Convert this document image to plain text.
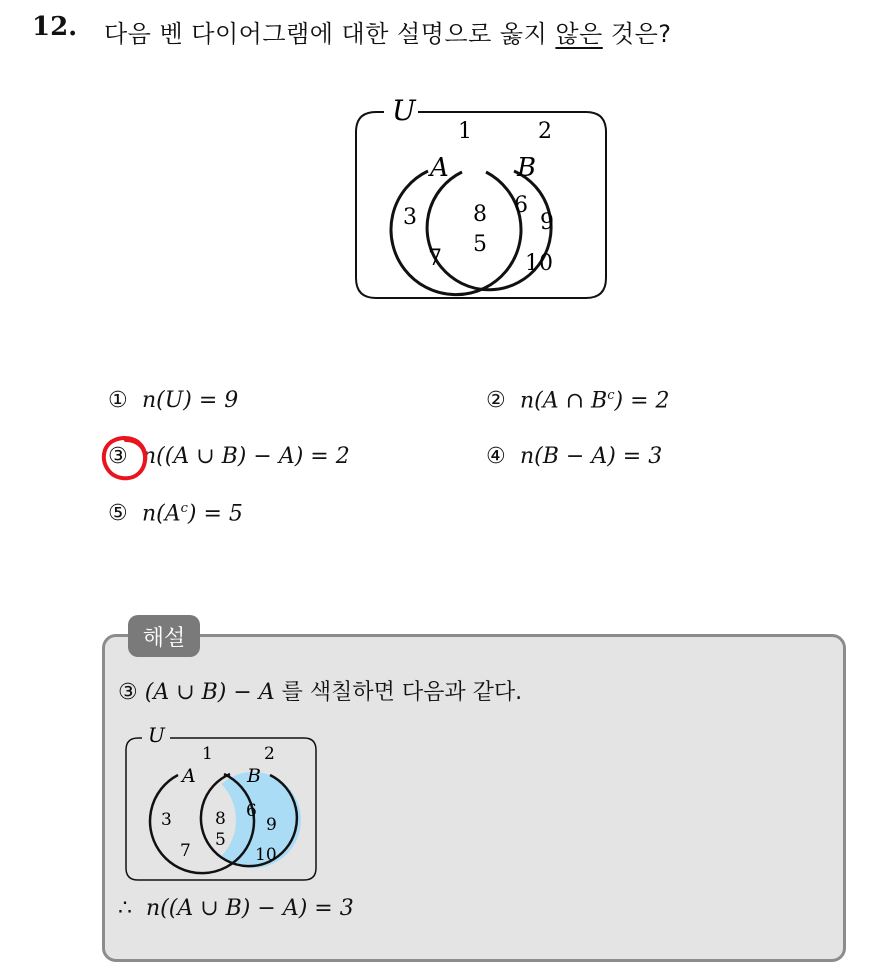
12. 다음 벤 다이어그램에 대한 설명으로 옳지 않은 것은?
U
A	B
1	2
3
7
8
5
6
9
10
① n(U) = 9	② n(A ∩ $B^c) = 2$
③ n((A ∪ B) − A) = 2	④ n(B − A) = 3
⑤ $n(A^c) = 5$
해설
③ (A ∪ B) − A 를 색칠하면 다음과 같다.
U
A	B
1	2
3
7
8
5
6
9
10
∴ n((A ∪ B) − A) = 3
